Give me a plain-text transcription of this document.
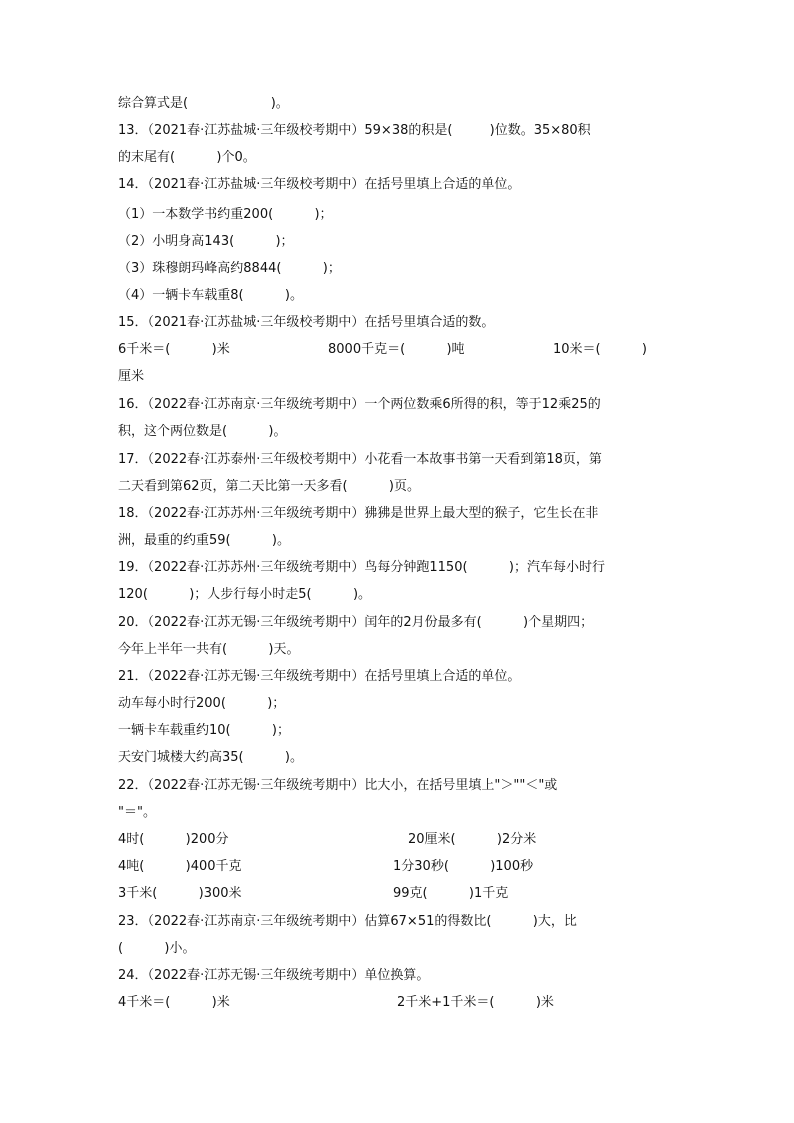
综合算式是(                    )。
13．（2021春·江苏盐城·三年级校考期中）59×38的积是(         )位数。35×80积
的末尾有(          )个0。
14．（2021春·江苏盐城·三年级校考期中）在括号里填上合适的单位。
（1）一本数学书约重200(          )；
（2）小明身高143(          )；
（3）珠穆朗玛峰高约8844(          )；
（4）一辆卡车载重8(          )。
15．（2021春·江苏盐城·三年级校考期中）在括号里填合适的数。
6千米＝(          )米	8000千克＝(          )吨	10米＝(          )
厘米
16．（2022春·江苏南京·三年级统考期中）一个两位数乘6所得的积，等于12乘25的
积，这个两位数是(          )。
17．（2022春·江苏泰州·三年级校考期中）小花看一本故事书第一天看到第18页，第
二天看到第62页，第二天比第一天多看(          )页。
18．（2022春·江苏苏州·三年级统考期中）狒狒是世界上最大型的猴子，它生长在非
洲，最重的约重59(          )。
19．（2022春·江苏苏州·三年级统考期中）鸟每分钟跑1150(          )；汽车每小时行
120(          )；人步行每小时走5(          )。
20．（2022春·江苏无锡·三年级统考期中）闰年的2月份最多有(          )个星期四；
今年上半年一共有(          )天。
21．（2022春·江苏无锡·三年级统考期中）在括号里填上合适的单位。
动车每小时行200(          )；
一辆卡车载重约10(          )；
天安门城楼大约高35(          )。
22．（2022春·江苏无锡·三年级统考期中）比大小，在括号里填上"＞""＜"或
"＝"。
4时(          )200分	20厘米(          )2分米
4吨(          )400千克	1分30秒(          )100秒
3千米(          )300米	99克(          )1千克
23．（2022春·江苏南京·三年级统考期中）估算67×51的得数比(          )大，比
(          )小。
24．（2022春·江苏无锡·三年级统考期中）单位换算。
4千米＝(          )米	2千米+1千米＝(          )米
